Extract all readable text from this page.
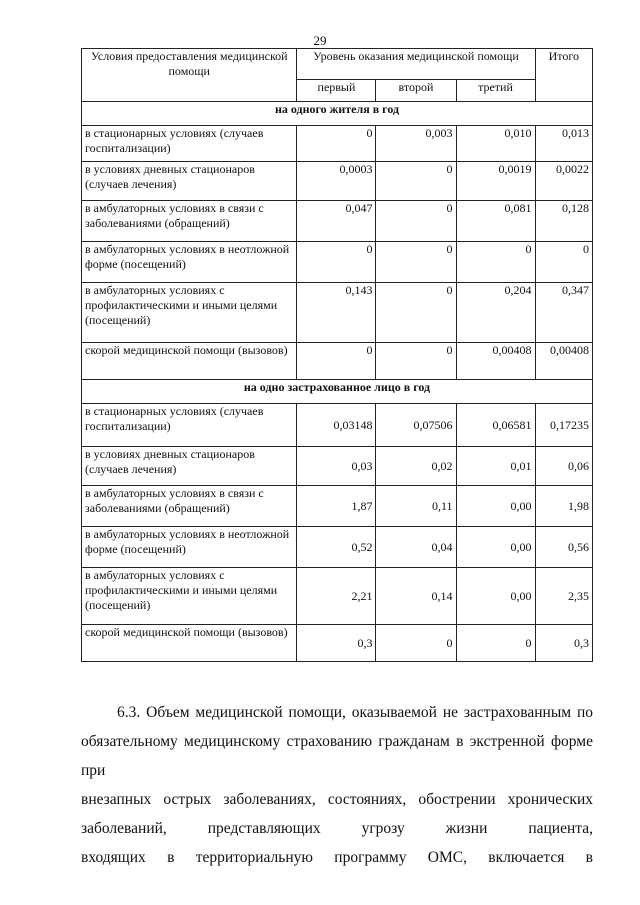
29
Условия предоставления медицинской помощи	Уровень оказания медицинской помощи			Итого
	первый	второй	третий	
на одного жителя в год				
в стационарных условиях (случаев госпитализации)	0	0,003	0,010	0,013
в условиях дневных стационаров (случаев лечения)	0,0003	0	0,0019	0,0022
в амбулаторных условиях в связи с заболеваниями (обращений)	0,047	0	0,081	0,128
в амбулаторных условиях в неотложной форме (посещений)	0	0	0	0
в амбулаторных условиях с профилактическими и иными целями (посещений)	0,143	0	0,204	0,347
скорой медицинской помощи (вызовов)	0	0	0,00408	0,00408
на одно застрахованное лицо в год				
в стационарных условиях (случаев госпитализации)	0,03148	0,07506	0,06581	0,17235
в условиях дневных стационаров (случаев лечения)	0,03	0,02	0,01	0,06
в амбулаторных условиях в связи с заболеваниями (обращений)	1,87	0,11	0,00	1,98
в амбулаторных условиях в неотложной форме (посещений)	0,52	0,04	0,00	0,56
в амбулаторных условиях с профилактическими и иными целями (посещений)	2,21	0,14	0,00	2,35
скорой медицинской помощи (вызовов)	0,3	0	0	0,3

6.3. Объем медицинской помощи, оказываемой не застрахованным по

обязательному медицинскому страхованию гражданам в экстренной форме при

внезапных острых заболеваниях, состояниях, обострении хронических

заболеваний, представляющих угрозу жизни пациента,

входящих в территориальную программу ОМС, включается в
